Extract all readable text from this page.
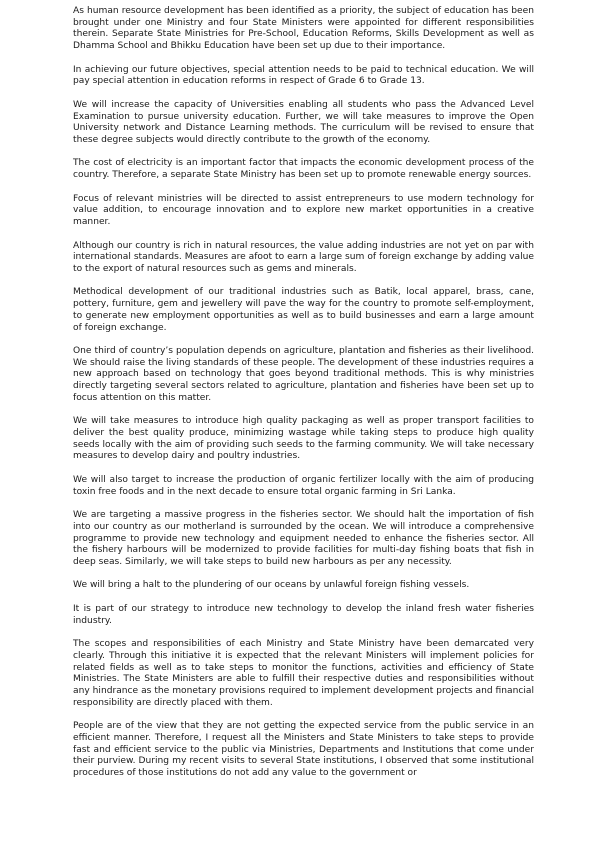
As human resource development has been identified as a priority, the subject of education has been brought under one Ministry and four State Ministers were appointed for different responsibilities therein. Separate State Ministries for Pre-School, Education Reforms, Skills Development as well as Dhamma School and Bhikku Education have been set up due to their importance.

In achieving our future objectives, special attention needs to be paid to technical education. We will pay special attention in education reforms in respect of Grade 6 to Grade 13.

We will increase the capacity of Universities enabling all students who pass the Advanced Level Examination to pursue university education. Further, we will take measures to improve the Open University network and Distance Learning methods. The curriculum will be revised to ensure that these degree subjects would directly contribute to the growth of the economy.

The cost of electricity is an important factor that impacts the economic development process of the country. Therefore, a separate State Ministry has been set up to promote renewable energy sources.

Focus of relevant ministries will be directed to assist entrepreneurs to use modern technology for value addition, to encourage innovation and to explore new market opportunities in a creative manner.

Although our country is rich in natural resources, the value adding industries are not yet on par with international standards. Measures are afoot to earn a large sum of foreign exchange by adding value to the export of natural resources such as gems and minerals.

Methodical development of our traditional industries such as Batik, local apparel, brass, cane, pottery, furniture, gem and jewellery will pave the way for the country to promote self-employment, to generate new employment opportunities as well as to build businesses and earn a large amount of foreign exchange.

One third of country’s population depends on agriculture, plantation and fisheries as their livelihood. We should raise the living standards of these people. The development of these industries requires a new approach based on technology that goes beyond traditional methods. This is why ministries directly targeting several sectors related to agriculture, plantation and fisheries have been set up to focus attention on this matter.

We will take measures to introduce high quality packaging as well as proper transport facilities to deliver the best quality produce, minimizing wastage while taking steps to produce high quality seeds locally with the aim of providing such seeds to the farming community. We will take necessary measures to develop dairy and poultry industries.

We will also target to increase the production of organic fertilizer locally with the aim of producing toxin free foods and in the next decade to ensure total organic farming in Sri Lanka.

We are targeting a massive progress in the fisheries sector. We should halt the importation of fish into our country as our motherland is surrounded by the ocean. We will introduce a comprehensive programme to provide new technology and equipment needed to enhance the fisheries sector. All the fishery harbours will be modernized to provide facilities for multi-day fishing boats that fish in deep seas. Similarly, we will take steps to build new harbours as per any necessity.

We will bring a halt to the plundering of our oceans by unlawful foreign fishing vessels.

It is part of our strategy to introduce new technology to develop the inland fresh water fisheries industry.

The scopes and responsibilities of each Ministry and State Ministry have been demarcated very clearly. Through this initiative it is expected that the relevant Ministers will implement policies for related fields as well as to take steps to monitor the functions, activities and efficiency of State Ministries. The State Ministers are able to fulfill their respective duties and responsibilities without any hindrance as the monetary provisions required to implement development projects and financial responsibility are directly placed with them.

People are of the view that they are not getting the expected service from the public service in an efficient manner. Therefore, I request all the Ministers and State Ministers to take steps to provide fast and efficient service to the public via Ministries, Departments and Institutions that come under their purview. During my recent visits to several State institutions, I observed that some institutional procedures of those institutions do not add any value to the government or
